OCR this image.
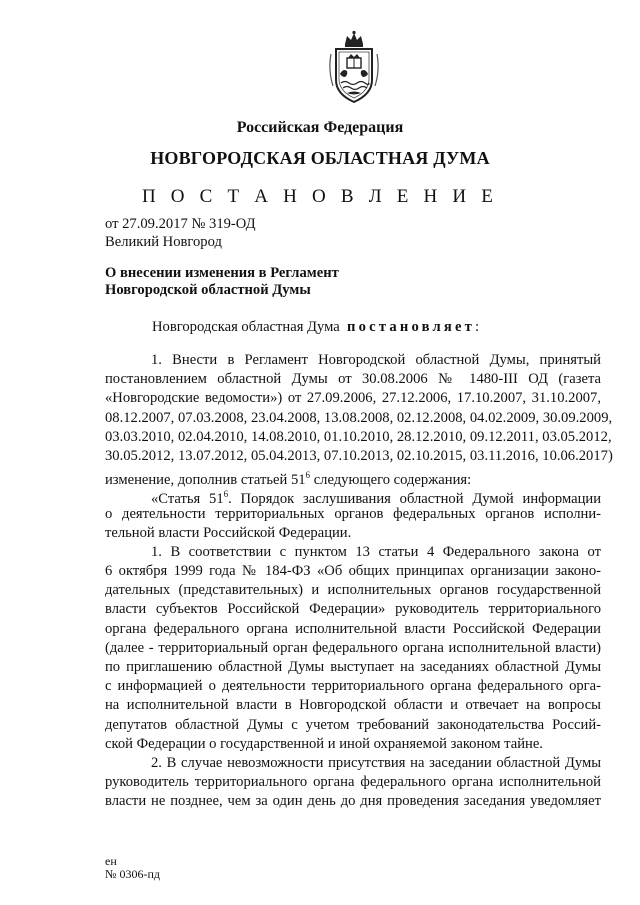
Российская Федерация
НОВГОРОДСКАЯ ОБЛАСТНАЯ ДУМА
П О С Т А Н О В Л Е Н И Е
от 27.09.2017 № 319-ОД
Великий Новгород
О внесении изменения в Регламент
Новгородской областной Думы
Новгородская областная Дума  постановляет:
1. Внести в Регламент Новгородской областной Думы, принятый
постановлением областной Думы от 30.08.2006 № 1480-III ОД (газета
«Новгородские ведомости») от 27.09.2006, 27.12.2006, 17.10.2007, 31.10.2007,
08.12.2007, 07.03.2008, 23.04.2008, 13.08.2008, 02.12.2008, 04.02.2009, 30.09.2009,
03.03.2010, 02.04.2010, 14.08.2010, 01.10.2010, 28.12.2010, 09.12.2011, 03.05.2012,
30.05.2012, 13.07.2012, 05.04.2013, 07.10.2013, 02.10.2015, 03.11.2016, 10.06.2017)
изменение, дополнив статьей $51^6$ следующего содержания:
«Статья $51^6$. Порядок заслушивания областной Думой информации
о деятельности территориальных органов федеральных органов исполни-
тельной власти Российской Федерации.
1. В соответствии с пунктом 13 статьи 4 Федерального закона от
6 октября 1999 года № 184-ФЗ «Об общих принципах организации законо-
дательных (представительных) и исполнительных органов государственной
власти субъектов Российской Федерации» руководитель территориального
органа федерального органа исполнительной власти Российской Федерации
(далее - территориальный орган федерального органа исполнительной власти)
по приглашению областной Думы выступает на заседаниях областной Думы
с информацией о деятельности территориального органа федерального орга-
на исполнительной власти в Новгородской области и отвечает на вопросы
депутатов областной Думы с учетом требований законодательства Россий-
ской Федерации о государственной и иной охраняемой законом тайне.
2. В случае невозможности присутствия на заседании областной Думы
руководитель территориального органа федерального органа исполнительной
власти не позднее, чем за один день до дня проведения заседания уведомляет
ен
№ 0306-пд
